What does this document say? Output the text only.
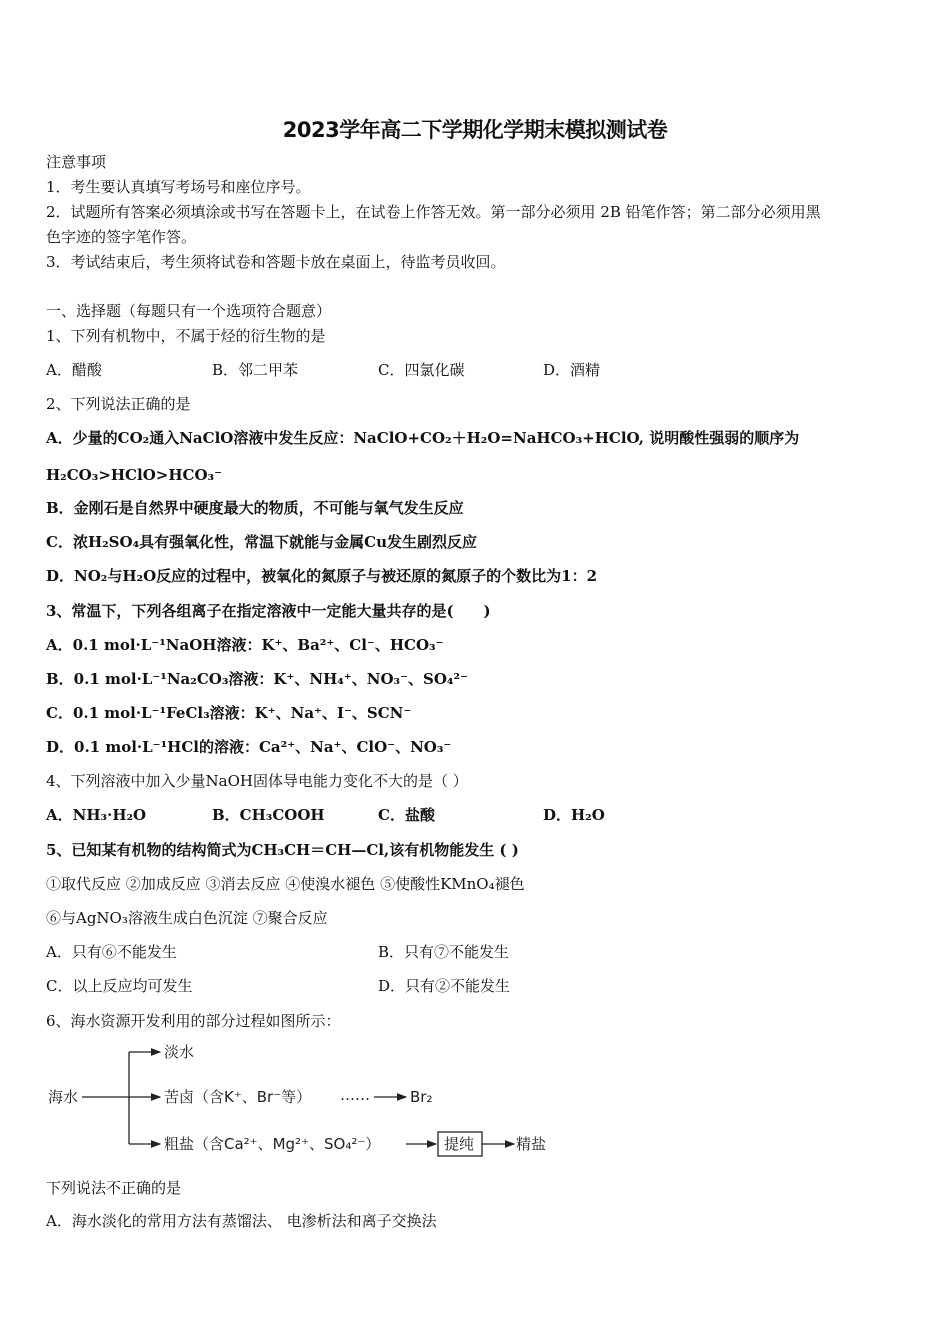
2023学年高二下学期化学期末模拟测试卷
注意事项
1．考生要认真填写考场号和座位序号。
2．试题所有答案必须填涂或书写在答题卡上，在试卷上作答无效。第一部分必须用 2B 铅笔作答；第二部分必须用黑
色字迹的签字笔作答。
3．考试结束后，考生须将试卷和答题卡放在桌面上，待监考员收回。
一、选择题（每题只有一个选项符合题意）
1、下列有机物中，不属于烃的衍生物的是
A．醋酸	B．邻二甲苯	C．四氯化碳	D．酒精
2、下列说法正确的是
A．少量的CO₂通入NaClO溶液中发生反应：NaClO+CO₂＋H₂O=NaHCO₃+HClO, 说明酸性强弱的顺序为
H₂CO₃>HClO>HCO₃⁻
B．金刚石是自然界中硬度最大的物质，不可能与氧气发生反应
C．浓H₂SO₄具有强氧化性，常温下就能与金属Cu发生剧烈反应
D．NO₂与H₂O反应的过程中，被氧化的氮原子与被还原的氮原子的个数比为1：2
3、常温下，下列各组离子在指定溶液中一定能大量共存的是(　　)
A．0.1 mol·L⁻¹NaOH溶液：K⁺、Ba²⁺、Cl⁻、HCO₃⁻
B．0.1 mol·L⁻¹Na₂CO₃溶液：K⁺、NH₄⁺、NO₃⁻、SO₄²⁻
C．0.1 mol·L⁻¹FeCl₃溶液：K⁺、Na⁺、I⁻、SCN⁻
D．0.1 mol·L⁻¹HCl的溶液：Ca²⁺、Na⁺、ClO⁻、NO₃⁻
4、下列溶液中加入少量NaOH固体导电能力变化不大的是（ ）
A．NH₃·H₂O	B．CH₃COOH	C．盐酸	D．H₂O
5、已知某有机物的结构简式为CH₃CH＝CH—Cl,该有机物能发生 ( )
①取代反应 ②加成反应 ③消去反应 ④使溴水褪色 ⑤使酸性KMnO₄褪色
⑥与AgNO₃溶液生成白色沉淀 ⑦聚合反应
A．只有⑥不能发生	B．只有⑦不能发生
C．以上反应均可发生	D．只有②不能发生
6、海水资源开发利用的部分过程如图所示：
海水
淡水
苦卤（含K⁺、Br⁻等） ……	Br₂
粗盐（含Ca²⁺、Mg²⁺、SO₄²⁻）	提纯	精盐
下列说法不正确的是
A．海水淡化的常用方法有蒸馏法、 电渗析法和离子交换法
